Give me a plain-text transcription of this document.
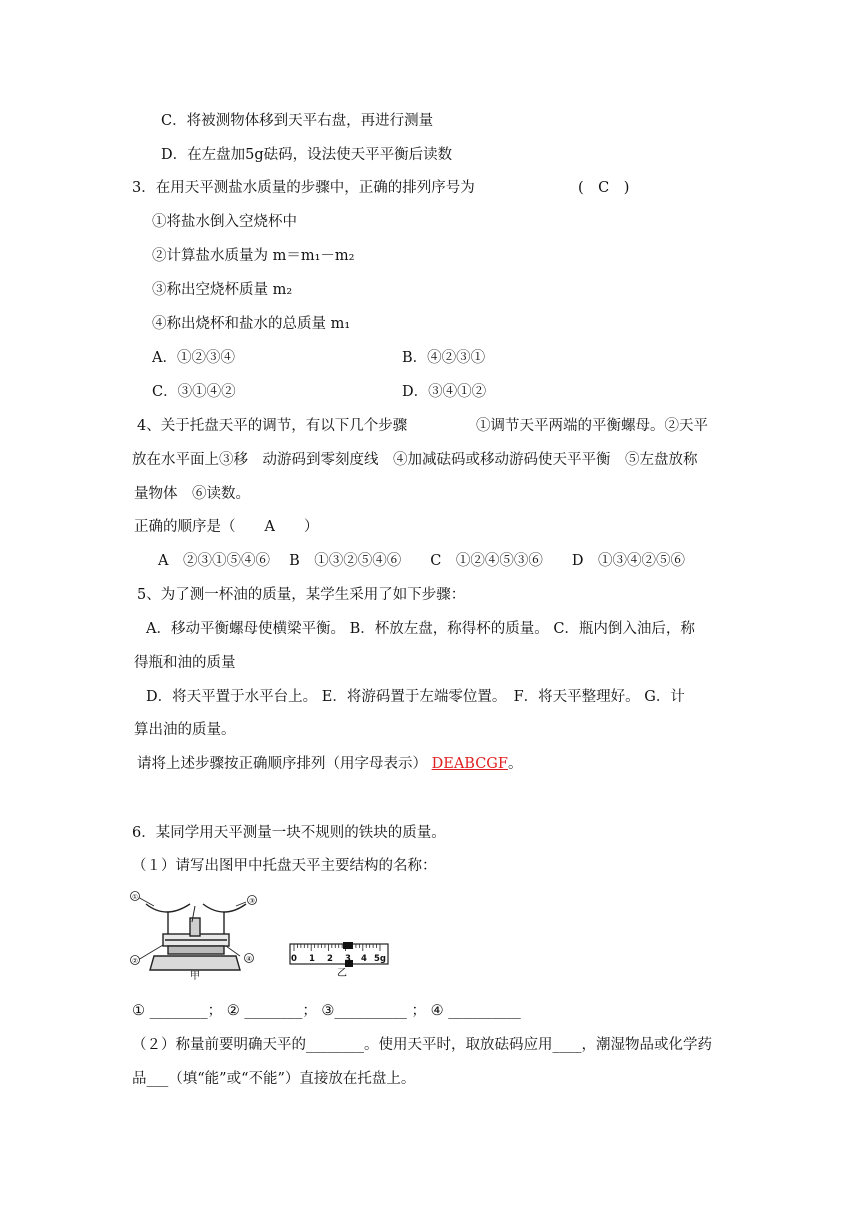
C．将被测物体移到天平右盘，再进行测量
D．在左盘加5g砝码，设法使天平平衡后读数
3．在用天平测盐水质量的步骤中，正确的排列序号为	(　C　)
①将盐水倒入空烧杯中
②计算盐水质量为 m＝m₁－m₂
③称出空烧杯质量 m₂
④称出烧杯和盐水的总质量 m₁
A．①②③④	B．④②③①
C．③①④②	D．③④①②
4、关于托盘天平的调节，有以下几个步骤	①调节天平两端的平衡螺母。②天平
放在水平面上③移　动游码到零刻度线　④加减砝码或移动游码使天平平衡　⑤左盘放称
量物体　⑥读数。
正确的顺序是（　　A　　）
A　②③①⑤④⑥　 B　①③②⑤④⑥　　C　①②④⑤③⑥　　D　①③④②⑤⑥
5、为了测一杯油的质量，某学生采用了如下步骤：
A．移动平衡螺母使横梁平衡。 B．杯放左盘，称得杯的质量。 C．瓶内倒入油后，称
得瓶和油的质量
D．将天平置于水平台上。 E．将游码置于左端零位置。　F．将天平整理好。 G．计
算出油的质量。
请将上述步骤按正确顺序排列（用字母表示） DEABCGF。
6．某同学用天平测量一块不规则的铁块的质量。
（１）请写出图甲中托盘天平主要结构的名称：
①	③
②	④
甲
0 1 2 3 4 5g
乙
① ________； ② ________； ③__________ ； ④ __________
（２）称量前要明确天平的________。使用天平时，取放砝码应用____，潮湿物品或化学药
品___（填“能”或“不能”）直接放在托盘上。
